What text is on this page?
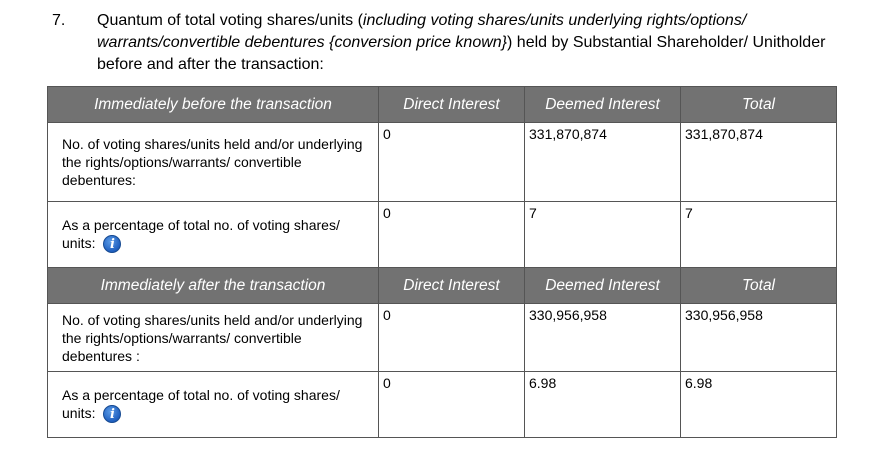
7. Quantum of total voting shares/units (including voting shares/units underlying rights/options/ warrants/convertible debentures {conversion price known}) held by Substantial Shareholder/ Unitholder before and after the transaction:
Immediately before the transaction	Direct Interest	Deemed Interest	Total
No. of voting shares/units held and/or underlying the rights/options/warrants/ convertible debentures:	0	331,870,874	331,870,874
As a percentage of total no. of voting shares/ units: i	0	7	7
Immediately after the transaction	Direct Interest	Deemed Interest	Total
No. of voting shares/units held and/or underlying the rights/options/warrants/ convertible debentures :	0	330,956,958	330,956,958
As a percentage of total no. of voting shares/ units: i	0	6.98	6.98
